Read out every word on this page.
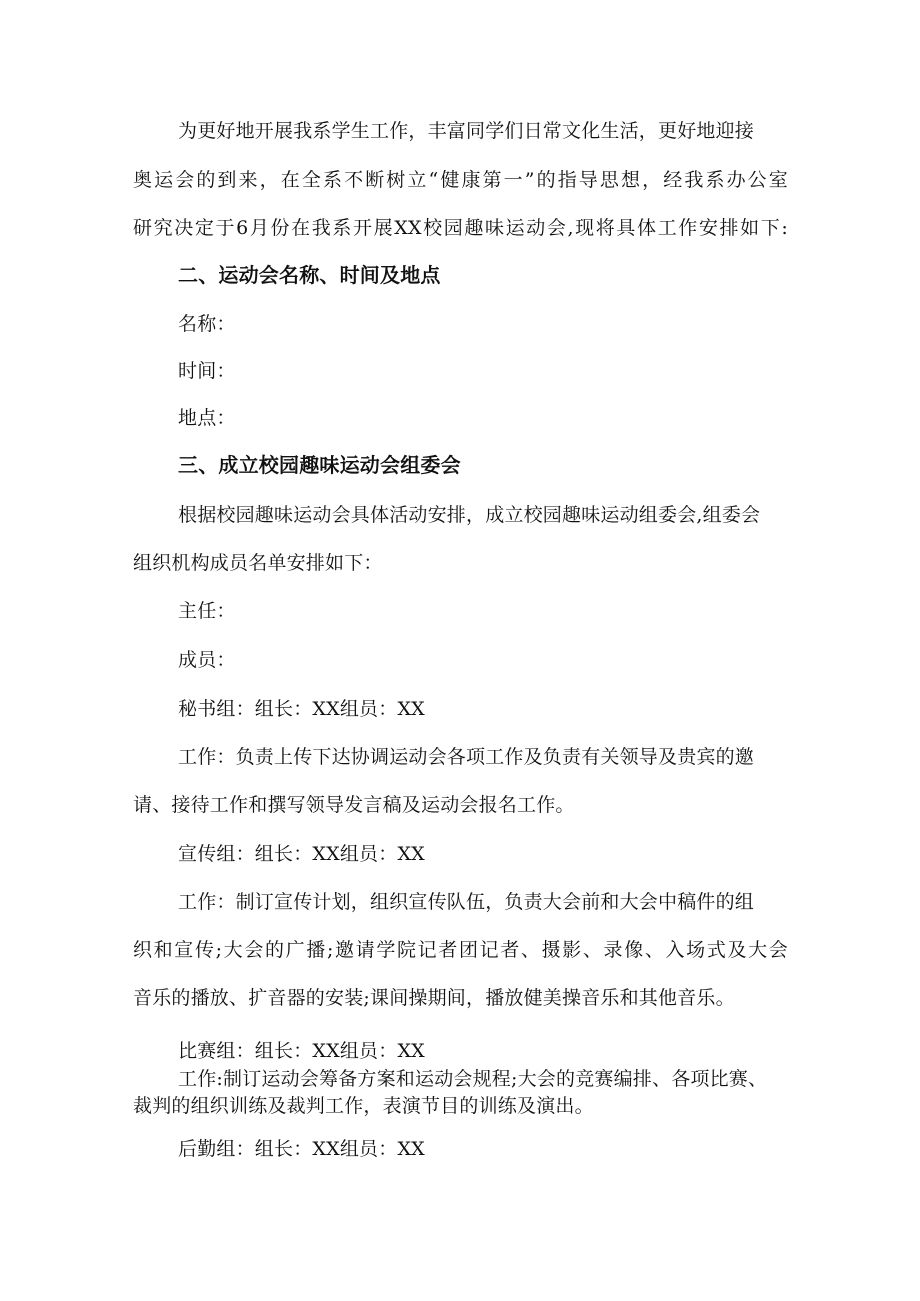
为更好地开展我系学生工作，丰富同学们日常文化生活，更好地迎接

奥运会的到来，在全系不断树立“健康第一”的指导思想，经我系办公室

研究决定于6月份在我系开展XX校园趣味运动会,现将具体工作安排如下:

二、运动会名称、时间及地点

名称：

时间：

地点：

三、成立校园趣味运动会组委会

根据校园趣味运动会具体活动安排，成立校园趣味运动组委会,组委会

组织机构成员名单安排如下：

主任：

成员：

秘书组：组长：XX组员：XX

工作：负责上传下达协调运动会各项工作及负责有关领导及贵宾的邀

请、接待工作和撰写领导发言稿及运动会报名工作。

宣传组：组长：XX组员：XX

工作：制订宣传计划，组织宣传队伍，负责大会前和大会中稿件的组

织和宣传;大会的广播;邀请学院记者团记者、摄影、录像、入场式及大会

音乐的播放、扩音器的安装;课间操期间，播放健美操音乐和其他音乐。

比赛组：组长：XX组员：XX

工作:制订运动会筹备方案和运动会规程;大会的竞赛编排、各项比赛、

裁判的组织训练及裁判工作，表演节目的训练及演出。

后勤组：组长：XX组员：XX
